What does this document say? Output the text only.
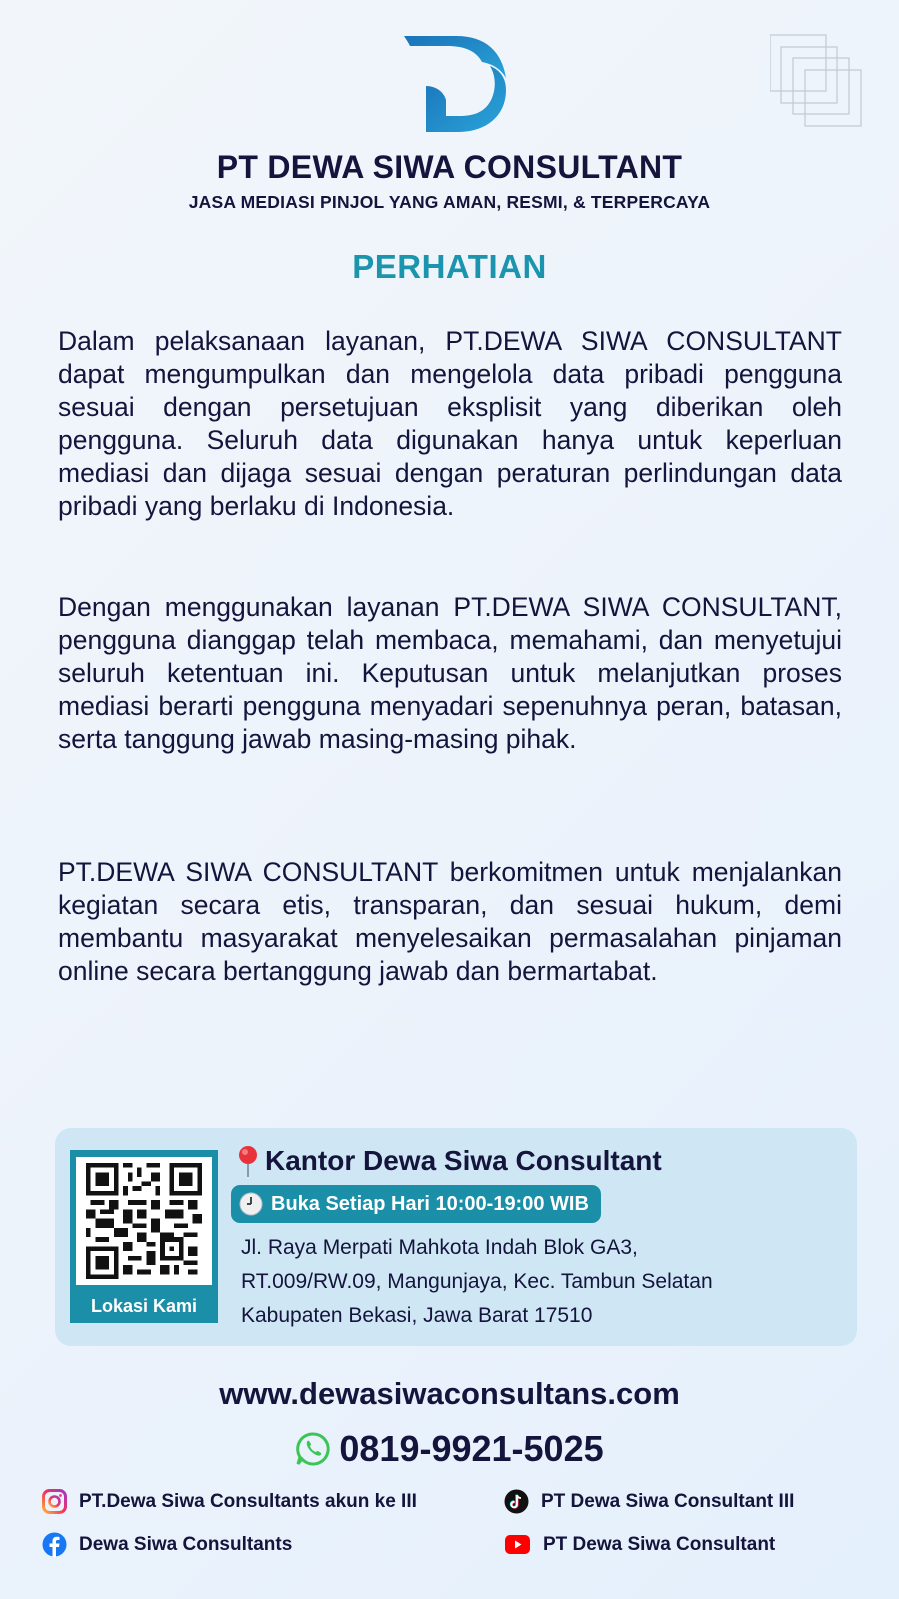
PT DEWA SIWA CONSULTANT
JASA MEDIASI PINJOL YANG AMAN, RESMI, & TERPERCAYA
PERHATIAN

Dalam pelaksanaan layanan, PT.DEWA SIWA CONSULTANT dapat mengumpulkan dan mengelola data pribadi pengguna sesuai dengan persetujuan eksplisit yang diberikan oleh pengguna. Seluruh data digunakan hanya untuk keperluan mediasi dan dijaga sesuai dengan peraturan perlindungan data pribadi yang berlaku di Indonesia.

Dengan menggunakan layanan PT.DEWA SIWA CONSULTANT, pengguna dianggap telah membaca, memahami, dan menyetujui seluruh ketentuan ini. Keputusan untuk melanjutkan proses mediasi berarti pengguna menyadari sepenuhnya peran, batasan, serta tanggung jawab masing-masing pihak.

PT.DEWA SIWA CONSULTANT berkomitmen untuk menjalankan kegiatan secara etis, transparan, dan sesuai hukum, demi membantu masyarakat menyelesaikan permasalahan pinjaman online secara bertanggung jawab dan bermartabat.

Lokasi Kami
Kantor Dewa Siwa Consultant
Buka Setiap Hari 10:00-19:00 WIB
Jl. Raya Merpati Mahkota Indah Blok GA3,
RT.009/RW.09, Mangunjaya, Kec. Tambun Selatan
Kabupaten Bekasi, Jawa Barat 17510
www.dewasiwaconsultans.com
0819-9921-5025
PT.Dewa Siwa Consultants akun ke III	PT Dewa Siwa Consultant III
Dewa Siwa Consultants	PT Dewa Siwa Consultant
